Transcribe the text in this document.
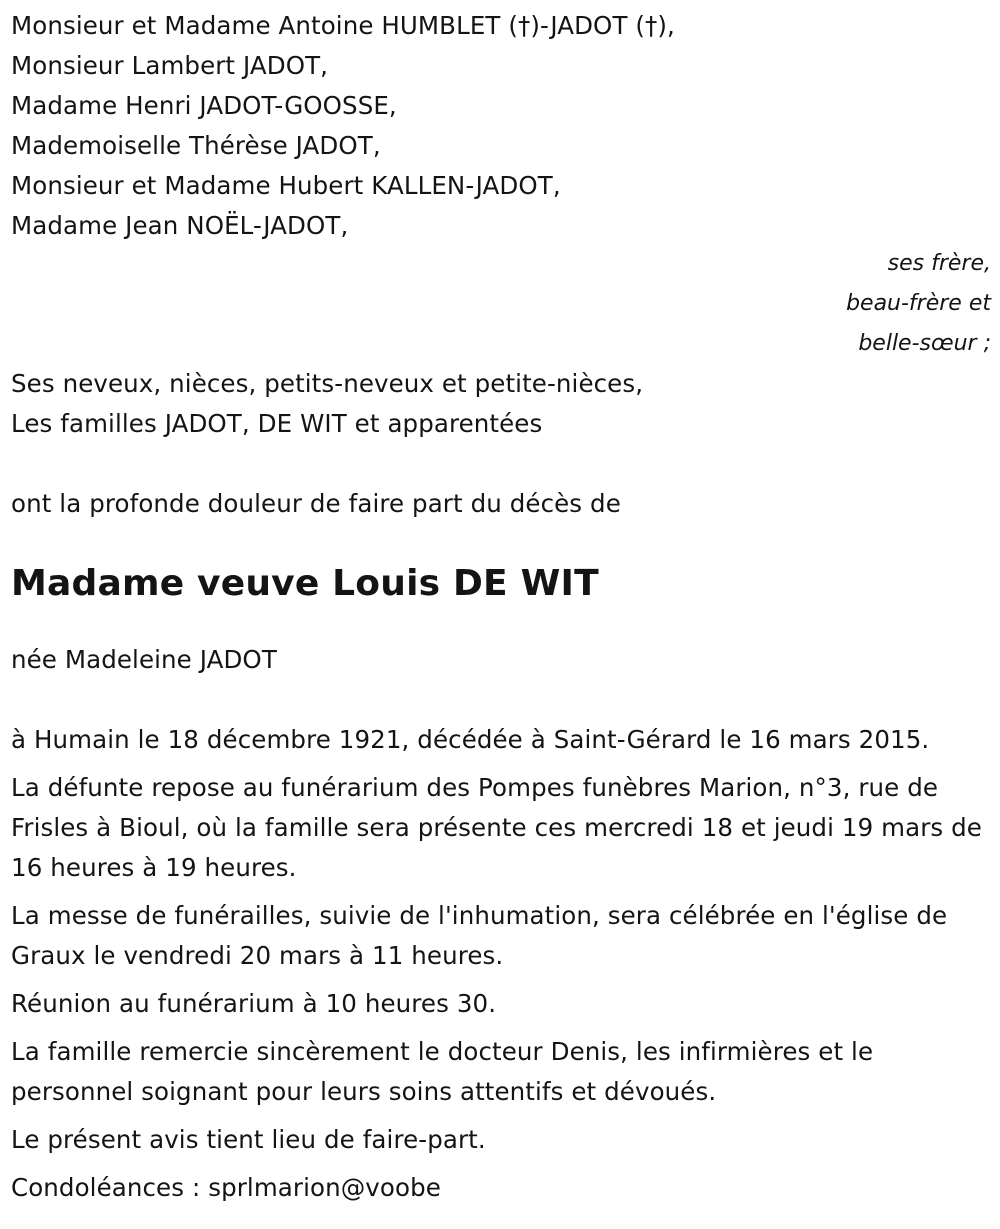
Monsieur et Madame Antoine HUMBLET (†)-JADOT (†),
Monsieur Lambert JADOT,
Madame Henri JADOT-GOOSSE,
Mademoiselle Thérèse JADOT,
Monsieur et Madame Hubert KALLEN-JADOT,
Madame Jean NOËL-JADOT,
ses frère,
beau-frère et
belle-sœur ;
Ses neveux, nièces, petits-neveux et petite-nièces,
Les familles JADOT, DE WIT et apparentées
ont la profonde douleur de faire part du décès de
Madame veuve Louis DE WIT
née Madeleine JADOT
à Humain le 18 décembre 1921, décédée à Saint-Gérard le 16 mars 2015.
La défunte repose au funérarium des Pompes funèbres Marion, n°3, rue de Frisles à Bioul, où la famille sera présente ces mercredi 18 et jeudi 19 mars de 16 heures à 19 heures.
La messe de funérailles, suivie de l'inhumation, sera célébrée en l'église de Graux le vendredi 20 mars à 11 heures.
Réunion au funérarium à 10 heures 30.
La famille remercie sincèrement le docteur Denis, les infirmières et le personnel soignant pour leurs soins attentifs et dévoués.
Le présent avis tient lieu de faire-part.
Condoléances : sprlmarion@voobe
